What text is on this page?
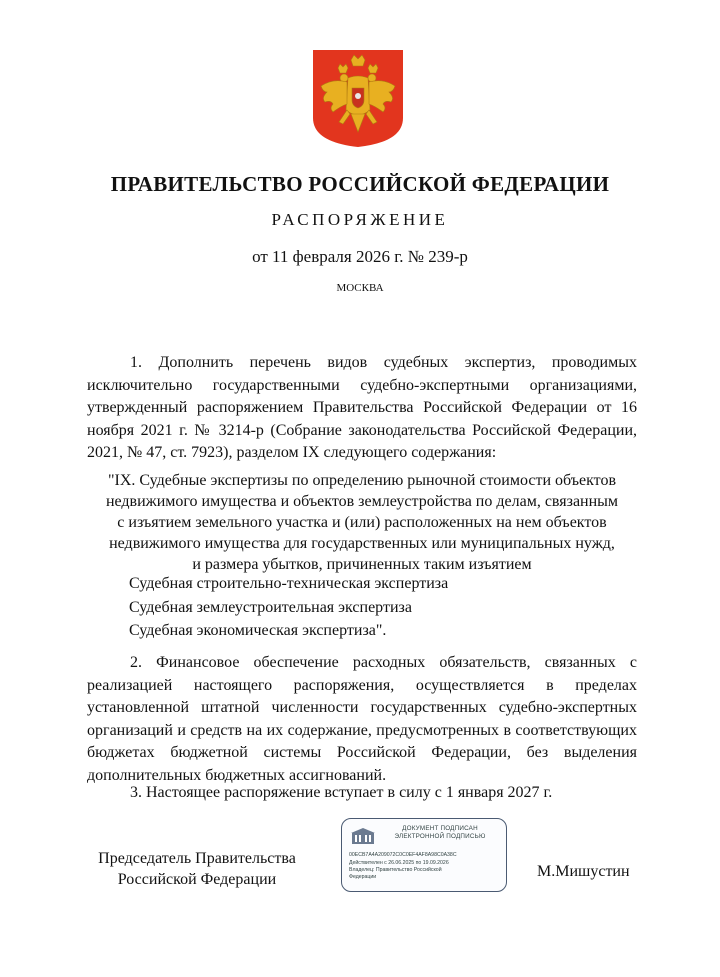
ПРАВИТЕЛЬСТВО РОССИЙСКОЙ ФЕДЕРАЦИИ
РАСПОРЯЖЕНИЕ
от 11 февраля 2026 г. № 239-р
МОСКВА

1. Дополнить перечень видов судебных экспертиз, проводимых исключительно государственными судебно-экспертными организациями, утвержденный распоряжением Правительства Российской Федерации от 16 ноября 2021 г. № 3214-р (Собрание законодательства Российской Федерации, 2021, № 47, ст. 7923), разделом IX следующего содержания:

"IX. Судебные экспертизы по определению рыночной стоимости объектов
недвижимого имущества и объектов землеустройства по делам, связанным
с изъятием земельного участка и (или) расположенных на нем объектов
недвижимого имущества для государственных или муниципальных нужд,
и размера убытков, причиненных таким изъятием
Судебная строительно-техническая экспертиза
Судебная землеустроительная экспертиза
Судебная экономическая экспертиза".

2. Финансовое обеспечение расходных обязательств, связанных с реализацией настоящего распоряжения, осуществляется в пределах установленной штатной численности государственных судебно-экспертных организаций и средств на их содержание, предусмотренных в соответствующих бюджетах бюджетной системы Российской Федерации, без выделения дополнительных бюджетных ассигнований.

3. Настоящее распоряжение вступает в силу с 1 января 2027 г.

Председатель Правительства
Российской Федерации
ДОКУМЕНТ ПОДПИСАН
ЭЛЕКТРОННОЙ ПОДПИСЬЮ
00ECB7A4A209072C0C0EF4AF8A98C0A38C
Действителен с 26.06.2025 по 19.09.2026
Владелец: Правительство Российской
Федерации	М.Мишустин
